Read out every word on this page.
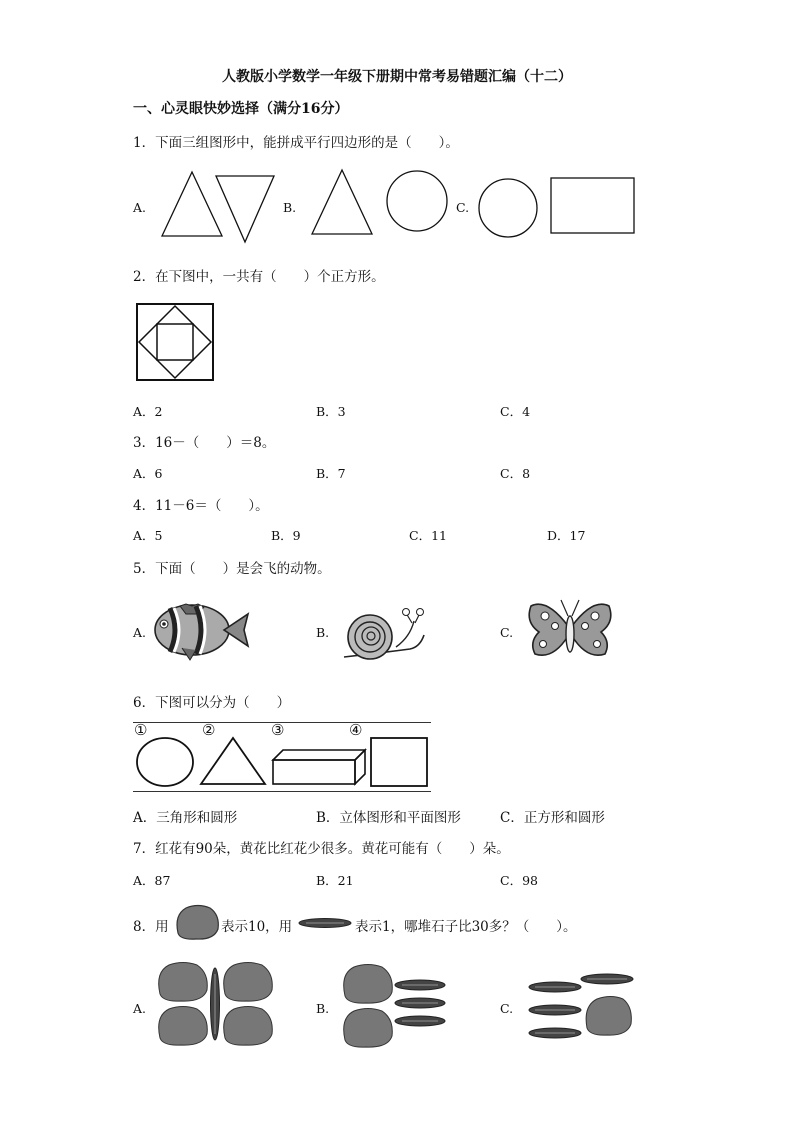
人教版小学数学一年级下册期中常考易错题汇编（十二）
一、心灵眼快妙选择（满分16分）
1．下面三组图形中，能拼成平行四边形的是（　　）。
A.	B.	C.
2．在下图中，一共有（　　）个正方形。
A．2	B．3	C．4
3．16－（　　）＝8。
A．6	B．7	C．8
4．11－6＝（　　）。
A．5	B．9	C．11	D．17
5．下面（　　）是会飞的动物。
A.	B.	C.
6．下图可以分为（　　）
①	②	③	④
A．三角形和圆形	B．立体图形和平面图形	C．正方形和圆形
7．红花有90朵，黄花比红花少很多。黄花可能有（　　）朵。
A．87	B．21	C．98
8．用	表示10，用	表示1，哪堆石子比30多？（　　）。
A.	B.	C.
